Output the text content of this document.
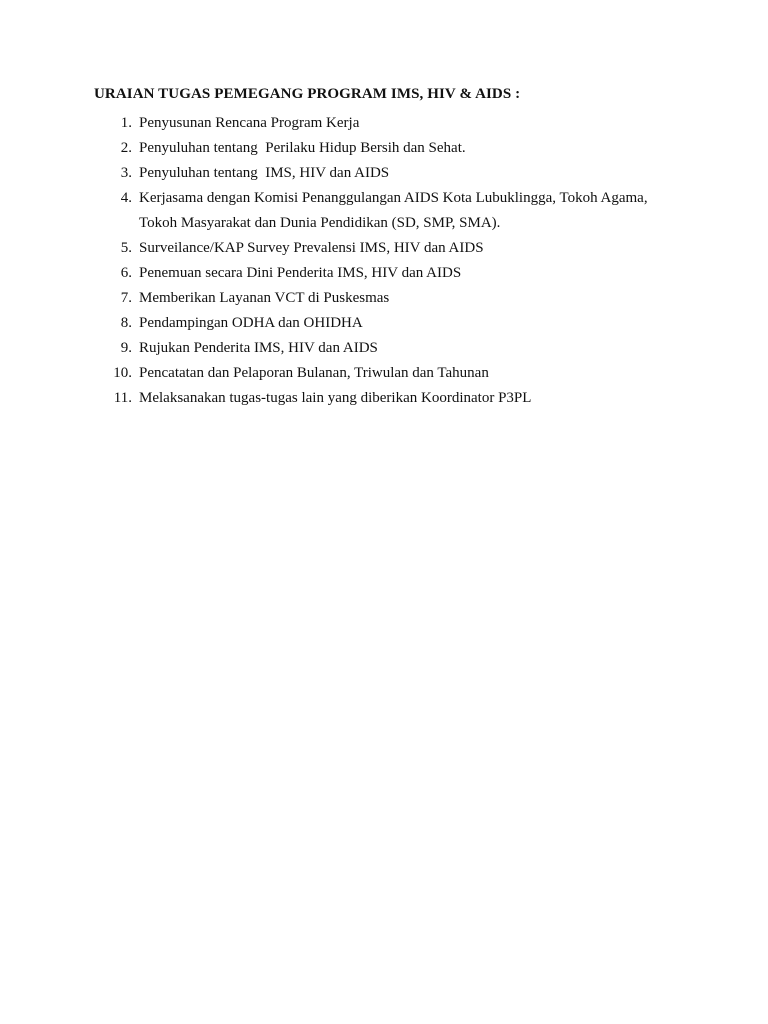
URAIAN TUGAS PEMEGANG PROGRAM IMS, HIV & AIDS :
1. Penyusunan Rencana Program Kerja
2. Penyuluhan tentang  Perilaku Hidup Bersih dan Sehat.
3. Penyuluhan tentang  IMS, HIV dan AIDS
4. Kerjasama dengan Komisi Penanggulangan AIDS Kota Lubuklingga, Tokoh Agama,
Tokoh Masyarakat dan Dunia Pendidikan (SD, SMP, SMA).
5. Surveilance/KAP Survey Prevalensi IMS, HIV dan AIDS
6. Penemuan secara Dini Penderita IMS, HIV dan AIDS
7. Memberikan Layanan VCT di Puskesmas
8. Pendampingan ODHA dan OHIDHA
9. Rujukan Penderita IMS, HIV dan AIDS
10. Pencatatan dan Pelaporan Bulanan, Triwulan dan Tahunan
11. Melaksanakan tugas-tugas lain yang diberikan Koordinator P3PL
